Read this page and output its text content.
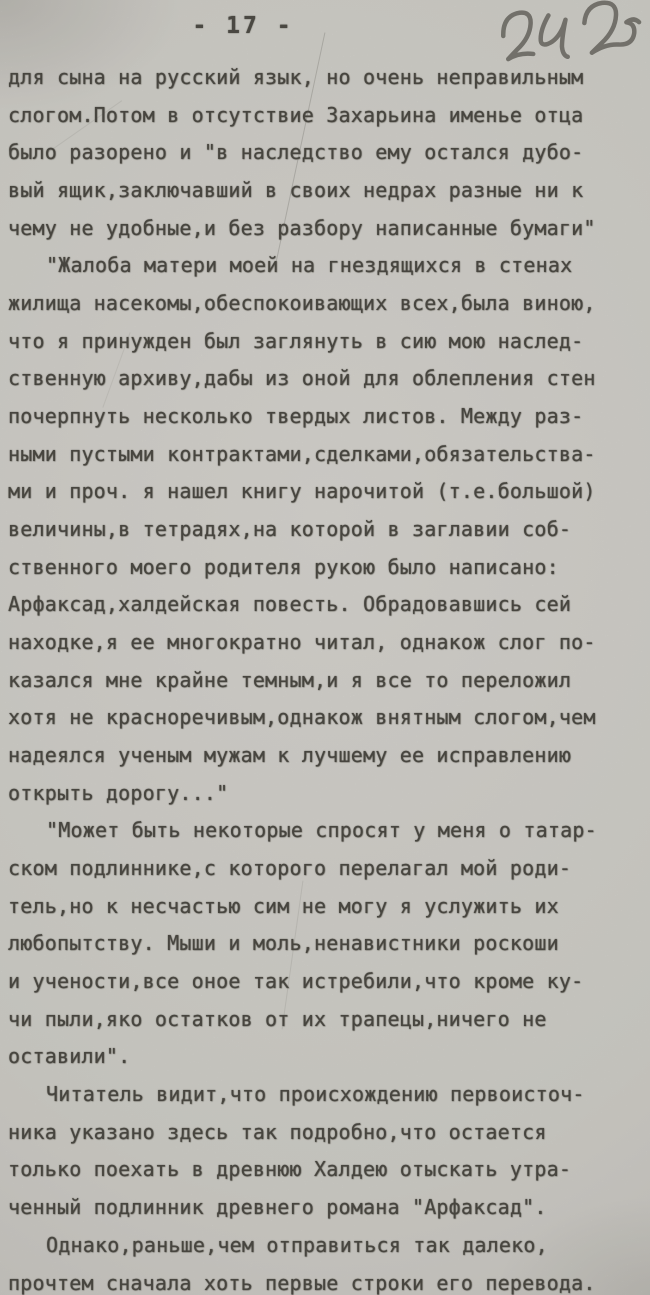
- 17 -
для сына на русский язык, но очень неправильным
слогом.Потом в отсутствие Захарьина именье отца
было разорено и "в наследство ему остался дубо-
вый ящик,заключавший в своих недрах разные ни к
чему не удобные,и без разбору написанные бумаги"
"Жалоба матери моей на гнездящихся в стенах
жилища насекомы,обеспокоивающих всех,была виною,
что я принужден был заглянуть в сию мою наслед-
ственную архиву,дабы из оной для облепления стен
почерпнуть несколько твердых листов. Между раз-
ными пустыми контрактами,сделками,обязательства-
ми и проч. я нашел книгу нарочитой (т.е.большой)
величины,в тетрадях,на которой в заглавии соб-
ственного моего родителя рукою было написано:
Арфаксад,халдейская повесть. Обрадовавшись сей
находке,я ее многократно читал, однакож слог по-
казался мне крайне темным,и я все то переложил
хотя не красноречивым,однакож внятным слогом,чем
надеялся ученым мужам к лучшему ее исправлению
открыть дорогу..."
"Может быть некоторые спросят у меня о татар-
ском подлиннике,с которого перелагал мой роди-
тель,но к несчастью сим не могу я услужить их
любопытству. Мыши и моль,ненавистники роскоши
и учености,все оное так истребили,что кроме ку-
чи пыли,яко остатков от их трапецы,ничего не
оставили".
Читатель видит,что происхождению первоисточ-
ника указано здесь так подробно,что остается
только поехать в древнюю Халдею отыскать утра-
ченный подлинник древнего романа "Арфаксад".
Однако,раньше,чем отправиться так далеко,
прочтем сначала хоть первые строки его перевода.
